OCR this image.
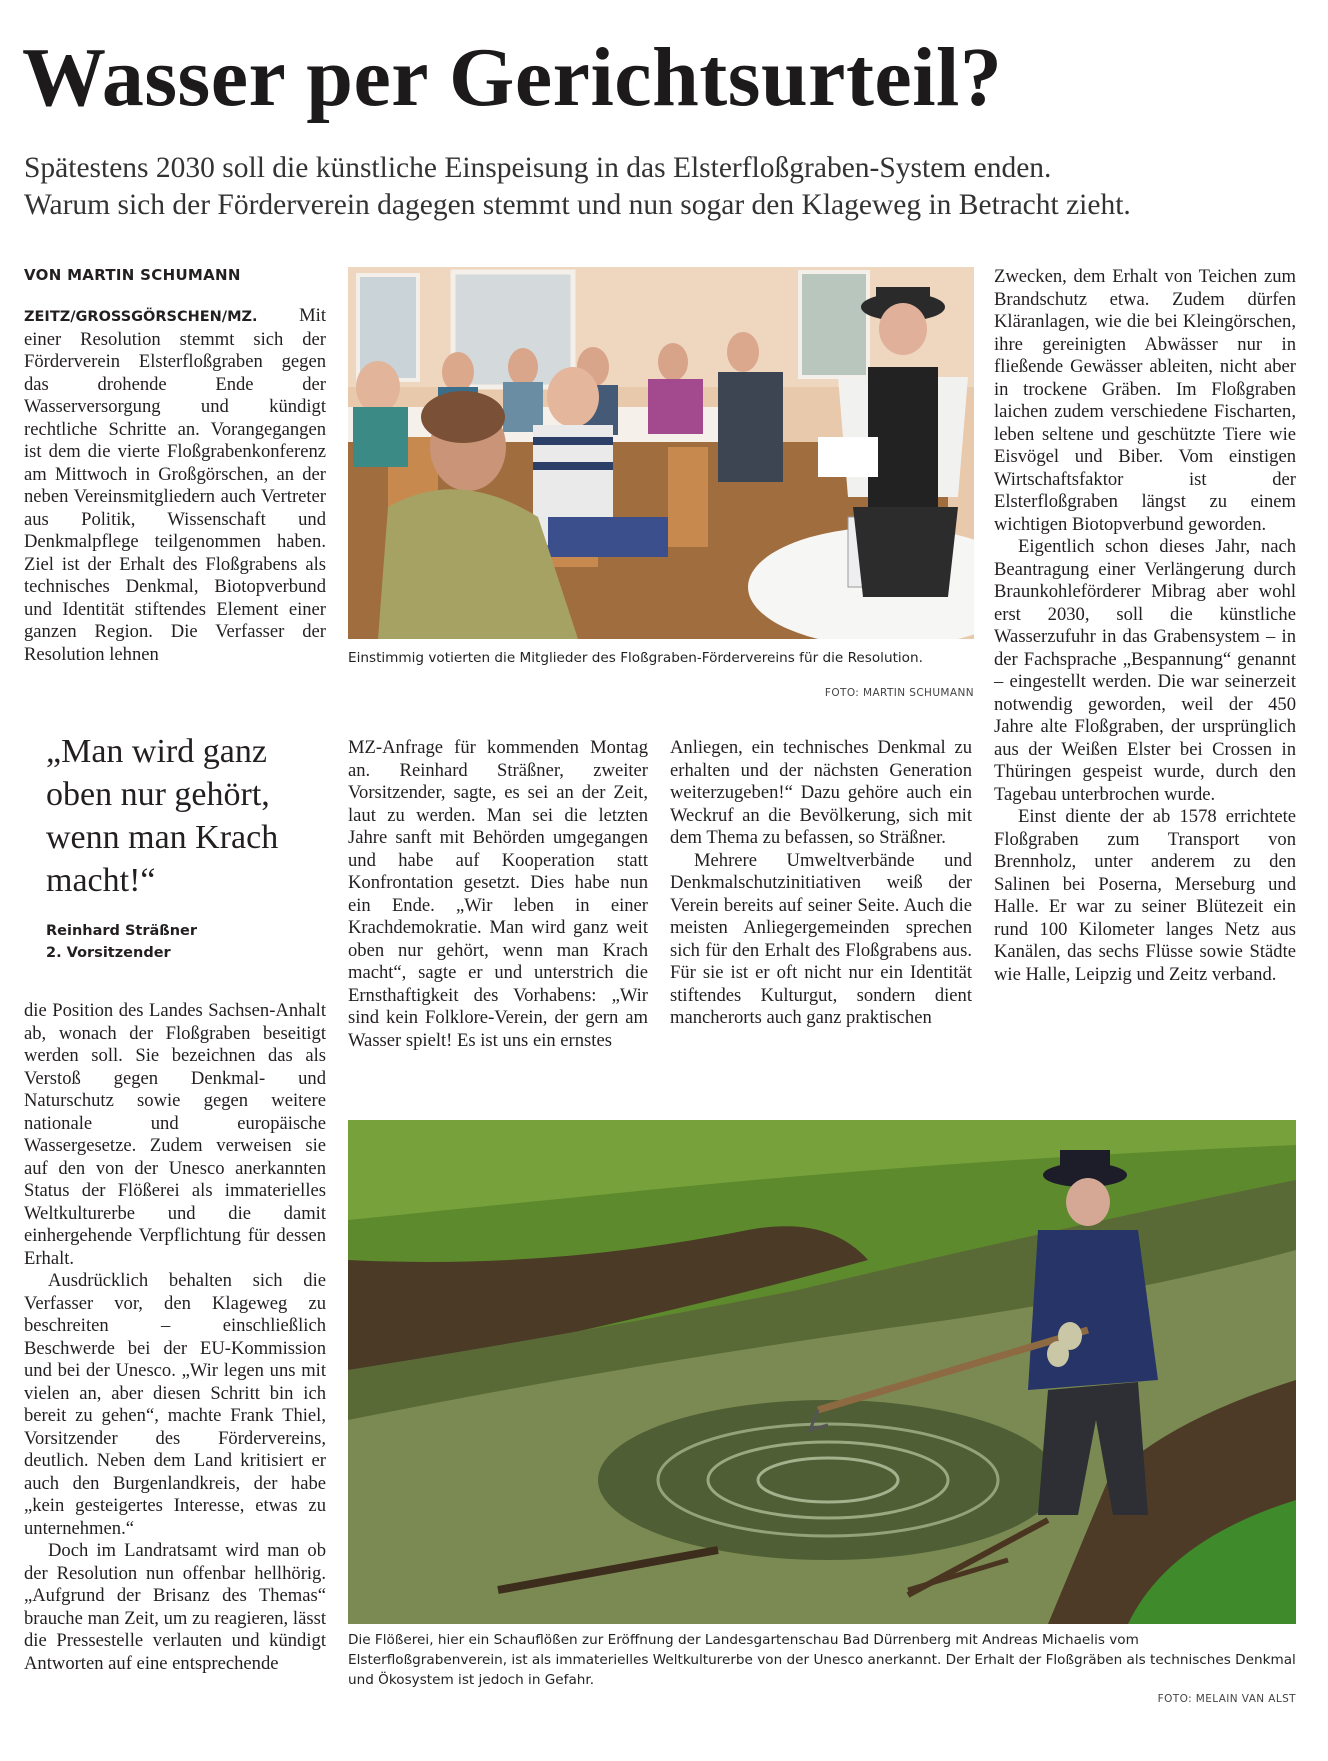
Wasser per Gerichtsurteil?
Spätestens 2030 soll die künstliche Einspeisung in das Elsterfloßgraben-System enden.
Warum sich der Förderverein dagegen stemmt und nun sogar den Klageweg in Betracht zieht.
VON MARTIN SCHUMANN

ZEITZ/GROSSGÖRSCHEN/MZ. Mit einer Resolution stemmt sich der Förderverein Elsterfloßgraben gegen das drohende Ende der Wasserversorgung und kündigt rechtliche Schritte an. Vorangegangen ist dem die vierte Floßgrabenkonferenz am Mittwoch in Großgörschen, an der neben Vereinsmitgliedern auch Vertreter aus Politik, Wissenschaft und Denkmalpflege teilgenommen haben. Ziel ist der Erhalt des Floßgrabens als technisches Denkmal, Biotopverbund und Identität stiftendes Element einer ganzen Region. Die Verfasser der Resolution lehnen

„Man wird ganz oben nur gehört, wenn man Krach macht!“

Reinhard Sträßner
2. Vorsitzender

die Position des Landes Sachsen-Anhalt ab, wonach der Floßgraben beseitigt werden soll. Sie bezeichnen das als Verstoß gegen Denkmal- und Naturschutz sowie gegen weitere nationale und europäische Wassergesetze. Zudem verweisen sie auf den von der Unesco anerkannten Status der Flößerei als immaterielles Weltkulturerbe und die damit einhergehende Verpflichtung für dessen Erhalt.

Ausdrücklich behalten sich die Verfasser vor, den Klageweg zu beschreiten – einschließlich Beschwerde bei der EU-Kommission und bei der Unesco. „Wir legen uns mit vielen an, aber diesen Schritt bin ich bereit zu gehen“, machte Frank Thiel, Vorsitzender des Fördervereins, deutlich. Neben dem Land kritisiert er auch den Burgenlandkreis, der habe „kein gesteigertes Interesse, etwas zu unternehmen.“

Doch im Landratsamt wird man ob der Resolution nun offenbar hellhörig. „Aufgrund der Brisanz des Themas“ brauche man Zeit, um zu reagieren, lässt die Pressestelle verlauten und kündigt Antworten auf eine entsprechende

Einstimmig votierten die Mitglieder des Floßgraben-Fördervereins für die Resolution.
FOTO: MARTIN SCHUMANN

MZ-Anfrage für kommenden Montag an. Reinhard Sträßner, zweiter Vorsitzender, sagte, es sei an der Zeit, laut zu werden. Man sei die letzten Jahre sanft mit Behörden umgegangen und habe auf Kooperation statt Konfrontation gesetzt. Dies habe nun ein Ende. „Wir leben in einer Krachdemokratie. Man wird ganz weit oben nur gehört, wenn man Krach macht“, sagte er und unterstrich die Ernsthaftigkeit des Vorhabens: „Wir sind kein Folklore-Verein, der gern am Wasser spielt! Es ist uns ein ernstes

Anliegen, ein technisches Denkmal zu erhalten und der nächsten Generation weiterzugeben!“ Dazu gehöre auch ein Weckruf an die Bevölkerung, sich mit dem Thema zu befassen, so Sträßner.

Mehrere Umweltverbände und Denkmalschutzinitiativen weiß der Verein bereits auf seiner Seite. Auch die meisten Anliegergemeinden sprechen sich für den Erhalt des Floßgrabens aus. Für sie ist er oft nicht nur ein Identität stiftendes Kulturgut, sondern dient mancherorts auch ganz praktischen

Zwecken, dem Erhalt von Teichen zum Brandschutz etwa. Zudem dürfen Kläranlagen, wie die bei Kleingörschen, ihre gereinigten Abwässer nur in fließende Gewässer ableiten, nicht aber in trockene Gräben. Im Floßgraben laichen zudem verschiedene Fischarten, leben seltene und geschützte Tiere wie Eisvögel und Biber. Vom einstigen Wirtschaftsfaktor ist der Elsterfloßgraben längst zu einem wichtigen Biotopverbund geworden.

Eigentlich schon dieses Jahr, nach Beantragung einer Verlängerung durch Braunkohleförderer Mibrag aber wohl erst 2030, soll die künstliche Wasserzufuhr in das Grabensystem – in der Fachsprache „Bespannung“ genannt – eingestellt werden. Die war seinerzeit notwendig geworden, weil der 450 Jahre alte Floßgraben, der ursprünglich aus der Weißen Elster bei Crossen in Thüringen gespeist wurde, durch den Tagebau unterbrochen wurde.

Einst diente der ab 1578 errichtete Floßgraben zum Transport von Brennholz, unter anderem zu den Salinen bei Poserna, Merseburg und Halle. Er war zu seiner Blütezeit ein rund 100 Kilometer langes Netz aus Kanälen, das sechs Flüsse sowie Städte wie Halle, Leipzig und Zeitz verband.

Die Flößerei, hier ein Schauflößen zur Eröffnung der Landesgartenschau Bad Dürrenberg mit Andreas Michaelis vom Elsterfloßgrabenverein, ist als immaterielles Weltkulturerbe von der Unesco anerkannt. Der Erhalt der Floßgräben als technisches Denkmal und Ökosystem ist jedoch in Gefahr.
FOTO: MELAIN VAN ALST
